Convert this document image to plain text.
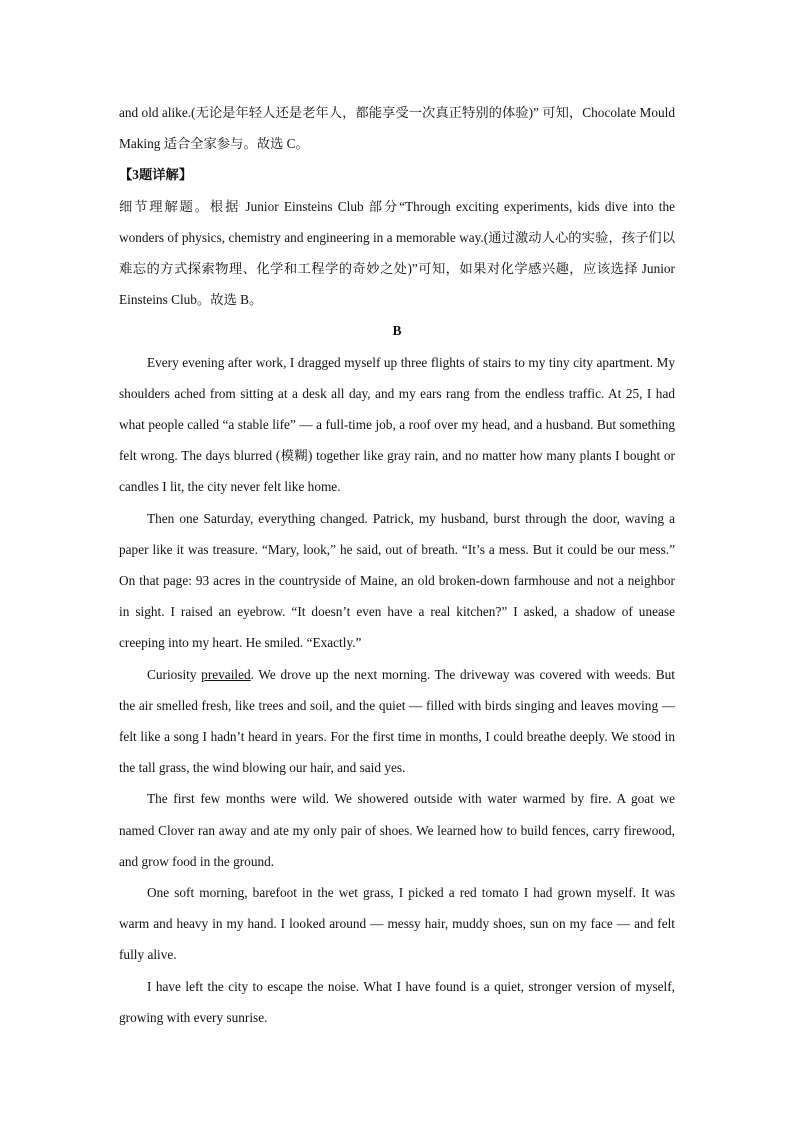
and old alike.(无论是年轻人还是老年人，都能享受一次真正特别的体验)” 可知，Chocolate Mould Making 适合全家参与。故选 C。

【3题详解】

细节理解题。根据 Junior Einsteins Club 部分“Through exciting experiments, kids dive into the wonders of physics, chemistry and engineering in a memorable way.(通过激动人心的实验，孩子们以难忘的方式探索物理、化学和工程学的奇妙之处)”可知，如果对化学感兴趣，应该选择 Junior Einsteins Club。故选 B。

B

Every evening after work, I dragged myself up three flights of stairs to my tiny city apartment. My shoulders ached from sitting at a desk all day, and my ears rang from the endless traffic. At 25, I had what people called “a stable life” — a full-time job, a roof over my head, and a husband. But something felt wrong. The days blurred (模糊) together like gray rain, and no matter how many plants I bought or candles I lit, the city never felt like home.

Then one Saturday, everything changed. Patrick, my husband, burst through the door, waving a paper like it was treasure. “Mary, look,” he said, out of breath. “It’s a mess. But it could be our mess.” On that page: 93 acres in the countryside of Maine, an old broken-down farmhouse and not a neighbor in sight. I raised an eyebrow. “It doesn’t even have a real kitchen?” I asked, a shadow of unease creeping into my heart. He smiled. “Exactly.”

Curiosity prevailed. We drove up the next morning. The driveway was covered with weeds. But the air smelled fresh, like trees and soil, and the quiet — filled with birds singing and leaves moving — felt like a song I hadn’t heard in years. For the first time in months, I could breathe deeply. We stood in the tall grass, the wind blowing our hair, and said yes.

The first few months were wild. We showered outside with water warmed by fire. A goat we named Clover ran away and ate my only pair of shoes. We learned how to build fences, carry firewood, and grow food in the ground.

One soft morning, barefoot in the wet grass, I picked a red tomato I had grown myself. It was warm and heavy in my hand. I looked around — messy hair, muddy shoes, sun on my face — and felt fully alive.

I have left the city to escape the noise. What I have found is a quiet, stronger version of myself, growing with every sunrise.
